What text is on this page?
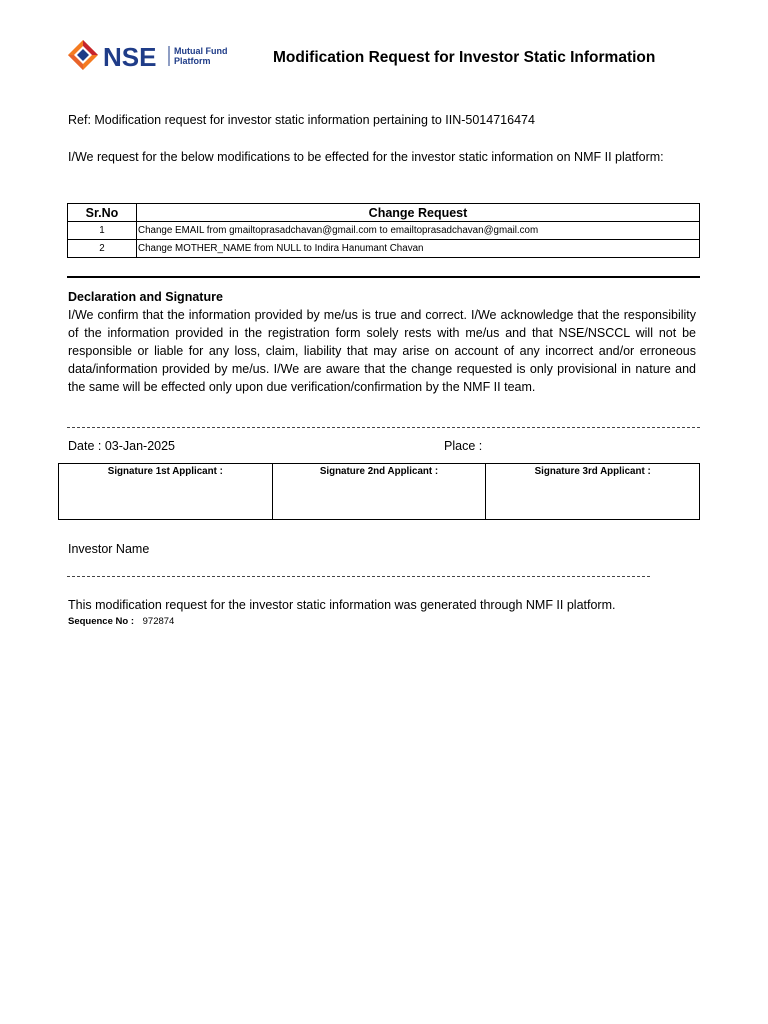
NSE Mutual Fund
Platform	Modification Request for Investor Static Information
Ref: Modification request for investor static information pertaining to IIN-5014716474
I/We request for the below modifications to be effected for the investor static information on NMF II platform:
Sr.No	Change Request
1	Change EMAIL from gmailtoprasadchavan@gmail.com to emailtoprasadchavan@gmail.com
2	Change MOTHER_NAME from NULL to Indira Hanumant Chavan
Declaration and Signature
I/We confirm that the information provided by me/us is true and correct. I/We acknowledge that the responsibility of the information provided in the registration form solely rests with me/us and that NSE/NSCCL will not be responsible or liable for any loss, claim, liability that may arise on account of any incorrect and/or erroneous data/information provided by me/us. I/We are aware that the change requested is only provisional in nature and the same will be effected only upon due verification/confirmation by the NMF II team.
Date : 03-Jan-2025	Place :
Signature 1st Applicant :	Signature 2nd Applicant :	Signature 3rd Applicant :
Investor Name
This modification request for the investor static information was generated through NMF II platform.
Sequence No : 972874
